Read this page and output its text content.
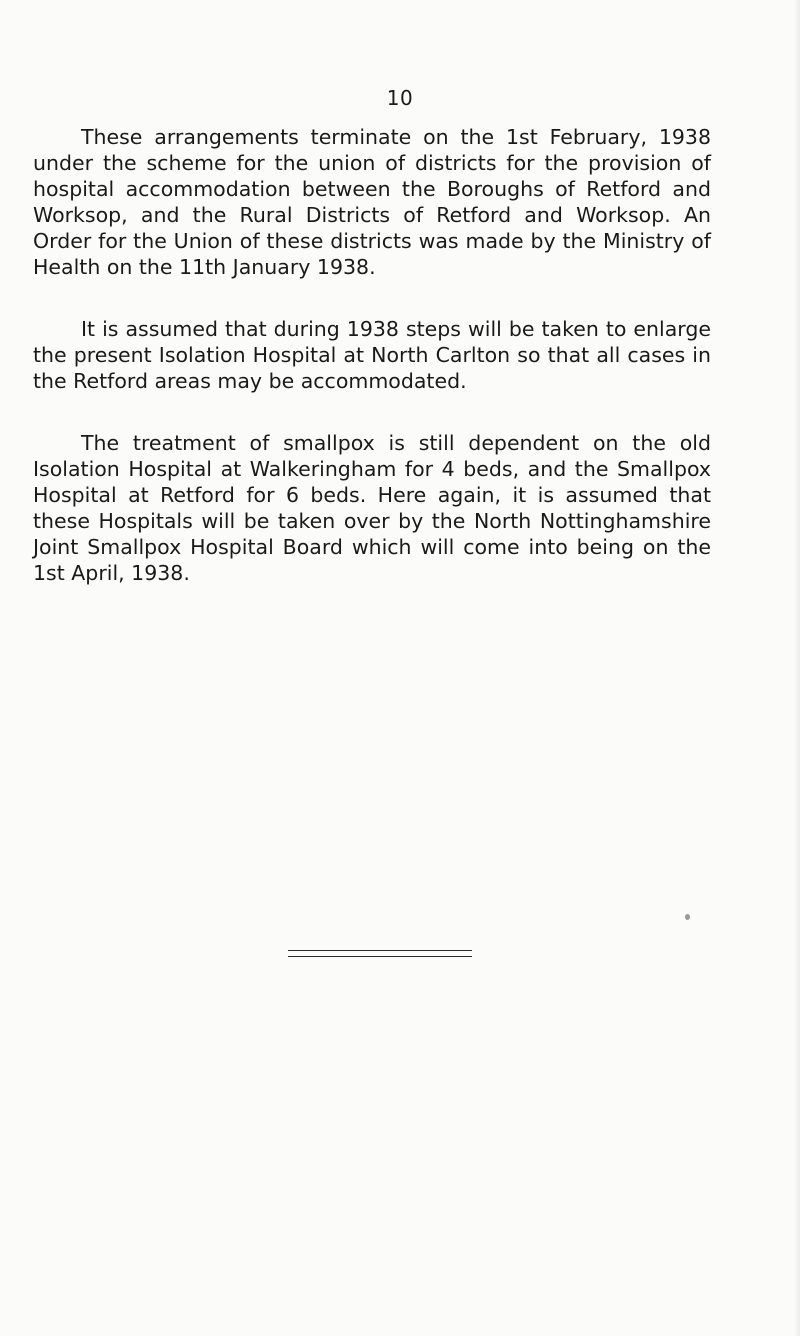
10

These arrangements terminate on the 1st February, 1938 under the scheme for the union of districts for the provision of hospital accommodation between the Boroughs of Retford and Worksop, and the Rural Districts of Retford and Worksop. An Order for the Union of these districts was made by the Ministry of Health on the 11th January 1938.

It is assumed that during 1938 steps will be taken to enlarge the present Isolation Hospital at North Carlton so that all cases in the Retford areas may be accommodated.

The treatment of smallpox is still dependent on the old Isolation Hospital at Walkeringham for 4 beds, and the Smallpox Hospital at Retford for 6 beds. Here again, it is assumed that these Hospitals will be taken over by the North Nottinghamshire Joint Smallpox Hospital Board which will come into being on the 1st April, 1938.
